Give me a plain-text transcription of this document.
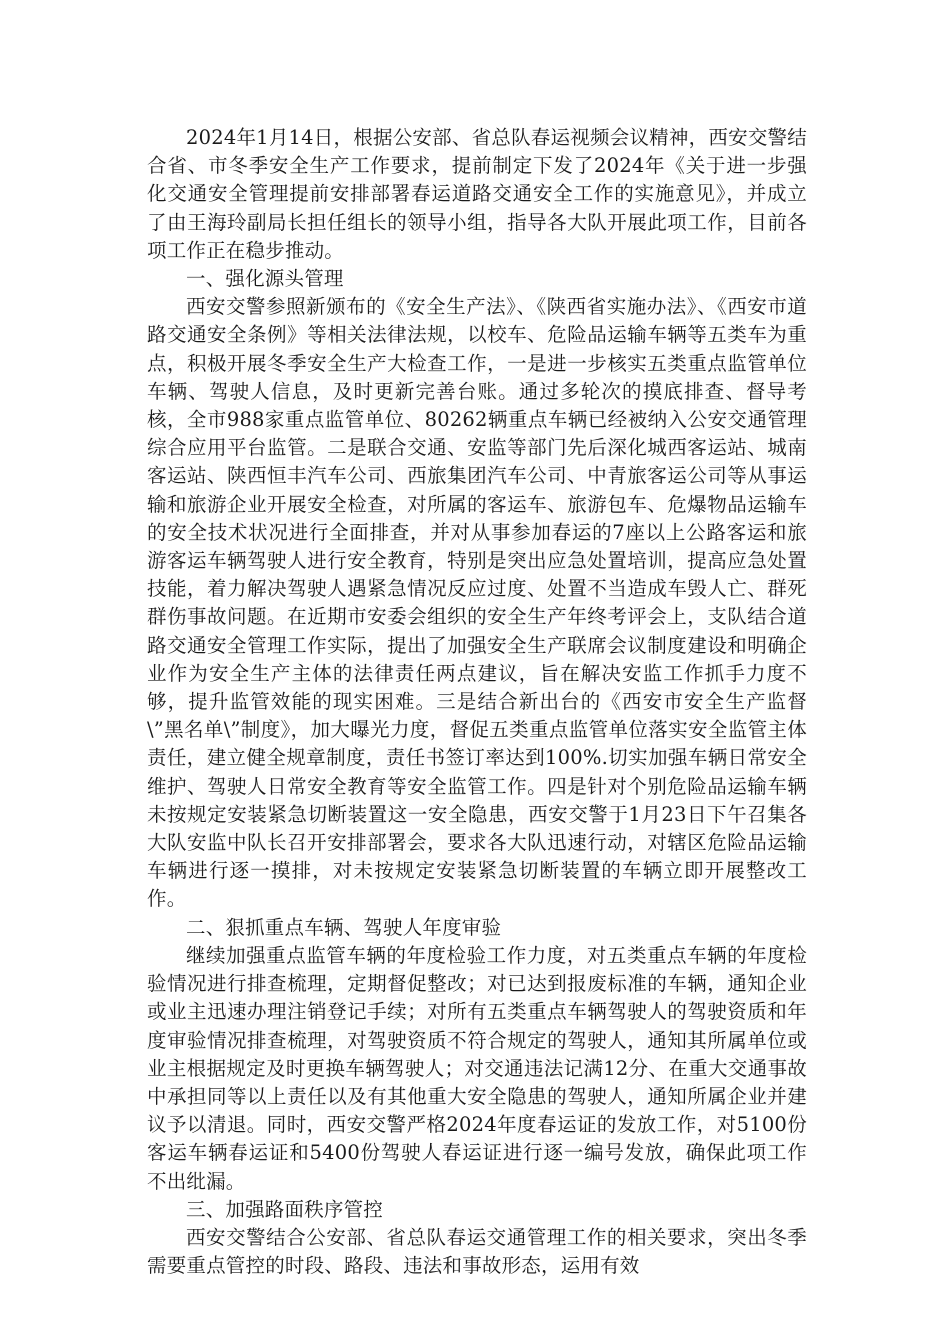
2024年1月14日，根据公安部、省总队春运视频会议精神，西安交警结合省、市冬季安全生产工作要求，提前制定下发了2024年《关于进一步强化交通安全管理提前安排部署春运道路交通安全工作的实施意见》，并成立了由王海玲副局长担任组长的领导小组，指导各大队开展此项工作，目前各项工作正在稳步推动。

一、强化源头管理

西安交警参照新颁布的《安全生产法》、《陕西省实施办法》、《西安市道路交通安全条例》等相关法律法规，以校车、危险品运输车辆等五类车为重点，积极开展冬季安全生产大检查工作，一是进一步核实五类重点监管单位车辆、驾驶人信息，及时更新完善台账。通过多轮次的摸底排查、督导考核，全市988家重点监管单位、80262辆重点车辆已经被纳入公安交通管理综合应用平台监管。二是联合交通、安监等部门先后深化城西客运站、城南客运站、陕西恒丰汽车公司、西旅集团汽车公司、中青旅客运公司等从事运输和旅游企业开展安全检查，对所属的客运车、旅游包车、危爆物品运输车的安全技术状况进行全面排查，并对从事参加春运的7座以上公路客运和旅游客运车辆驾驶人进行安全教育，特别是突出应急处置培训，提高应急处置技能，着力解决驾驶人遇紧急情况反应过度、处置不当造成车毁人亡、群死群伤事故问题。在近期市安委会组织的安全生产年终考评会上，支队结合道路交通安全管理工作实际，提出了加强安全生产联席会议制度建设和明确企业作为安全生产主体的法律责任两点建议，旨在解决安监工作抓手力度不够，提升监管效能的现实困难。三是结合新出台的《西安市安全生产监督\”黑名单\”制度》，加大曝光力度，督促五类重点监管单位落实安全监管主体责任，建立健全规章制度，责任书签订率达到100%.切实加强车辆日常安全维护、驾驶人日常安全教育等安全监管工作。四是针对个别危险品运输车辆未按规定安装紧急切断装置这一安全隐患，西安交警于1月23日下午召集各大队安监中队长召开安排部署会，要求各大队迅速行动，对辖区危险品运输车辆进行逐一摸排，对未按规定安装紧急切断装置的车辆立即开展整改工作。

二、狠抓重点车辆、驾驶人年度审验

继续加强重点监管车辆的年度检验工作力度，对五类重点车辆的年度检验情况进行排查梳理，定期督促整改；对已达到报废标准的车辆，通知企业或业主迅速办理注销登记手续；对所有五类重点车辆驾驶人的驾驶资质和年度审验情况排查梳理，对驾驶资质不符合规定的驾驶人，通知其所属单位或业主根据规定及时更换车辆驾驶人；对交通违法记满12分、在重大交通事故中承担同等以上责任以及有其他重大安全隐患的驾驶人，通知所属企业并建议予以清退。同时，西安交警严格2024年度春运证的发放工作，对5100份客运车辆春运证和5400份驾驶人春运证进行逐一编号发放，确保此项工作不出纰漏。

三、加强路面秩序管控

西安交警结合公安部、省总队春运交通管理工作的相关要求，突出冬季需要重点管控的时段、路段、违法和事故形态，运用有效
